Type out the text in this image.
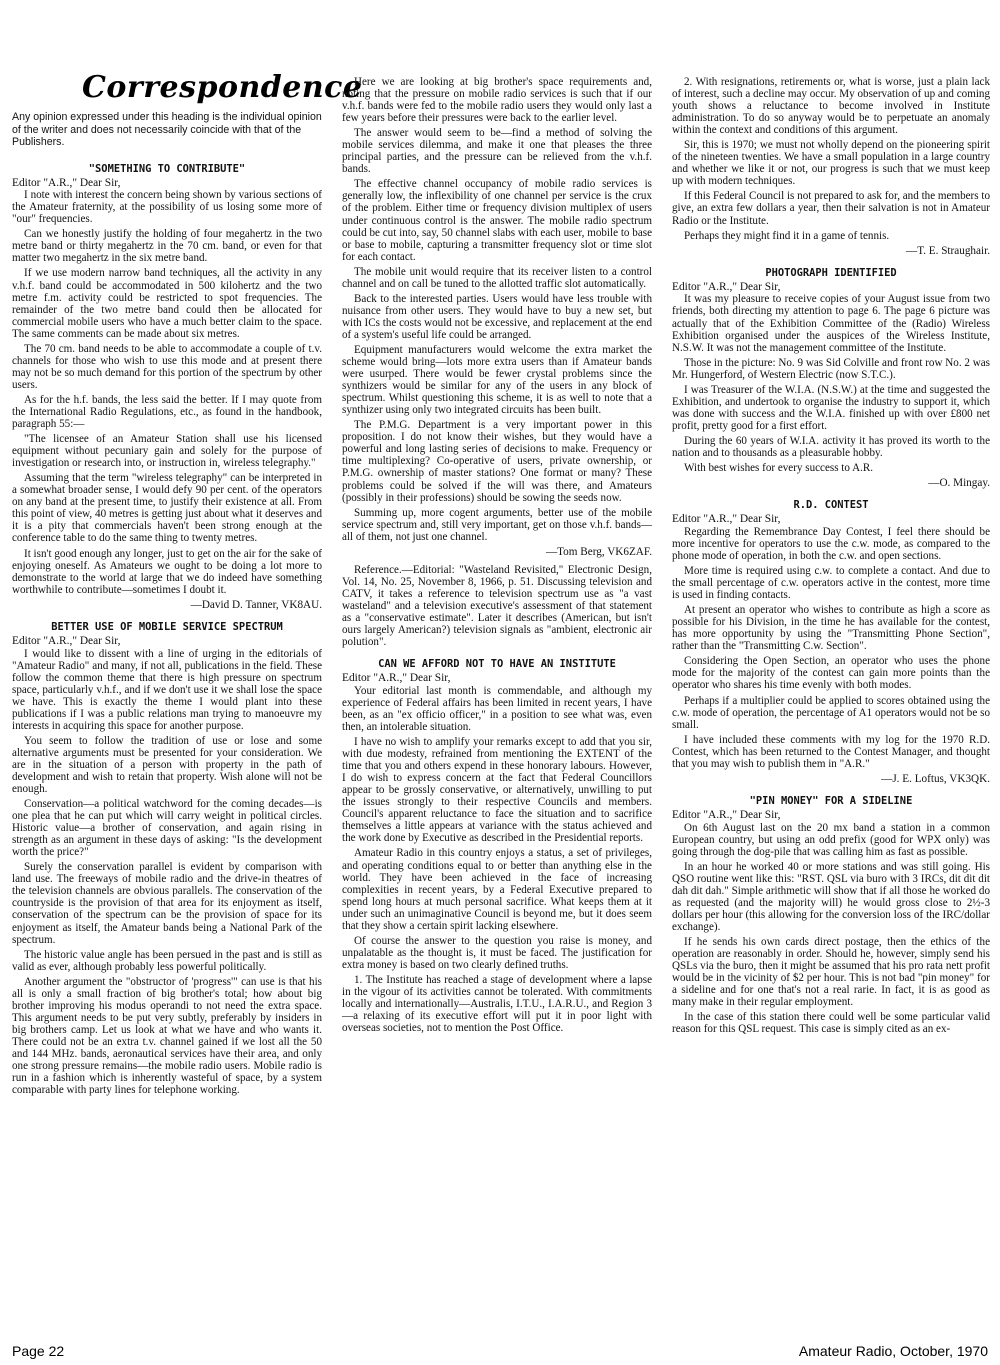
Correspondence

Any opinion expressed under this heading is the individual opinion of the writer and does not necessarily coincide with that of the Publishers.

"SOMETHING TO CONTRIBUTE"

Editor "A.R.," Dear Sir,

I note with interest the concern being shown by various sections of the Amateur fraternity, at the possibility of us losing some more of "our" frequencies.

Can we honestly justify the holding of four megahertz in the two metre band or thirty megahertz in the 70 cm. band, or even for that matter two megahertz in the six metre band.

If we use modern narrow band techniques, all the activity in any v.h.f. band could be accommodated in 500 kilohertz and the two metre f.m. activity could be restricted to spot frequencies. The remainder of the two metre band could then be allocated for commercial mobile users who have a much better claim to the space. The same comments can be made about six metres.

The 70 cm. band needs to be able to accommodate a couple of t.v. channels for those who wish to use this mode and at present there may not be so much demand for this portion of the spectrum by other users.

As for the h.f. bands, the less said the better. If I may quote from the International Radio Regulations, etc., as found in the handbook, paragraph 55:—

"The licensee of an Amateur Station shall use his licensed equipment without pecuniary gain and solely for the purpose of investigation or research into, or instruction in, wireless telegraphy."

Assuming that the term "wireless telegraphy" can be interpreted in a somewhat broader sense, I would defy 90 per cent. of the operators on any band at the present time, to justify their existence at all. From this point of view, 40 metres is getting just about what it deserves and it is a pity that commercials haven't been strong enough at the conference table to do the same thing to twenty metres.

It isn't good enough any longer, just to get on the air for the sake of enjoying oneself. As Amateurs we ought to be doing a lot more to demonstrate to the world at large that we do indeed have something worthwhile to contribute—sometimes I doubt it.

—David D. Tanner, VK8AU.

BETTER USE OF MOBILE SERVICE SPECTRUM

Editor "A.R.," Dear Sir,

I would like to dissent with a line of urging in the editorials of "Amateur Radio" and many, if not all, publications in the field. These follow the common theme that there is high pressure on spectrum space, particularly v.h.f., and if we don't use it we shall lose the space we have. This is exactly the theme I would plant into these publications if I was a public relations man trying to manoeuvre my interests in acquiring this space for another purpose.

You seem to follow the tradition of use or lose and some alternative arguments must be presented for your consideration. We are in the situation of a person with property in the path of development and wish to retain that property. Wish alone will not be enough.

Conservation—a political watchword for the coming decades—is one plea that he can put which will carry weight in political circles. Historic value—a brother of conservation, and again rising in strength as an argument in these days of asking: "Is the development worth the price?"

Surely the conservation parallel is evident by comparison with land use. The freeways of mobile radio and the drive-in theatres of the television channels are obvious parallels. The conservation of the countryside is the provision of that area for its enjoyment as itself, conservation of the spectrum can be the provision of space for its enjoyment as itself, the Amateur bands being a National Park of the spectrum.

The historic value angle has been persued in the past and is still as valid as ever, although probably less powerful politically.

Another argument the "obstructor of 'progress'" can use is that his all is only a small fraction of big brother's total; how about big brother improving his modus operandi to not need the extra space. This argument needs to be put very subtly, preferably by insiders in big brothers camp. Let us look at what we have and who wants it. There could not be an extra t.v. channel gained if we lost all the 50 and 144 MHz. bands, aeronautical services have their area, and only one strong pressure remains—the mobile radio users. Mobile radio is run in a fashion which is inherently wasteful of space, by a system comparable with party lines for telephone working.

Here we are looking at big brother's space requirements and, noting that the pressure on mobile radio services is such that if our v.h.f. bands were fed to the mobile radio users they would only last a few years before their pressures were back to the earlier level.

The answer would seem to be—find a method of solving the mobile services dilemma, and make it one that pleases the three principal parties, and the pressure can be relieved from the v.h.f. bands.

The effective channel occupancy of mobile radio services is generally low, the inflexibility of one channel per service is the crux of the problem. Either time or frequency division multiplex of users under continuous control is the answer. The mobile radio spectrum could be cut into, say, 50 channel slabs with each user, mobile to base or base to mobile, capturing a transmitter frequency slot or time slot for each contact.

The mobile unit would require that its receiver listen to a control channel and on call be tuned to the allotted traffic slot automatically.

Back to the interested parties. Users would have less trouble with nuisance from other users. They would have to buy a new set, but with ICs the costs would not be excessive, and replacement at the end of a system's useful life could be arranged.

Equipment manufacturers would welcome the extra market the scheme would bring—lots more extra users than if Amateur bands were usurped. There would be fewer crystal problems since the synthizers would be similar for any of the users in any block of spectrum. Whilst questioning this scheme, it is as well to note that a synthizer using only two integrated circuits has been built.

The P.M.G. Department is a very important power in this proposition. I do not know their wishes, but they would have a powerful and long lasting series of decisions to make. Frequency or time multiplexing? Co-operative of users, private ownership, or P.M.G. ownership of master stations? One format or many? These problems could be solved if the will was there, and Amateurs (possibly in their professions) should be sowing the seeds now.

Summing up, more cogent arguments, better use of the mobile service spectrum and, still very important, get on those v.h.f. bands—all of them, not just one channel.

—Tom Berg, VK6ZAF.

Reference.—Editorial: "Wasteland Revisited," Electronic Design, Vol. 14, No. 25, November 8, 1966, p. 51. Discussing television and CATV, it takes a reference to television spectrum use as "a vast wasteland" and a television executive's assessment of that statement as a "conservative estimate". Later it describes (American, but isn't ours largely American?) television signals as "ambient, electronic air polution".

CAN WE AFFORD NOT TO HAVE AN INSTITUTE

Editor "A.R.," Dear Sir,

Your editorial last month is commendable, and although my experience of Federal affairs has been limited in recent years, I have been, as an "ex officio officer," in a position to see what was, even then, an intolerable situation.

I have no wish to amplify your remarks except to add that you sir, with due modesty, refrained from mentioning the EXTENT of the time that you and others expend in these honorary labours. However, I do wish to express concern at the fact that Federal Councillors appear to be grossly conservative, or alternatively, unwilling to put the issues strongly to their respective Councils and members. Council's apparent reluctance to face the situation and to sacrifice themselves a little appears at variance with the status achieved and the work done by Executive as described in the Presidential reports.

Amateur Radio in this country enjoys a status, a set of privileges, and operating conditions equal to or better than anything else in the world. They have been achieved in the face of increasing complexities in recent years, by a Federal Executive prepared to spend long hours at much personal sacrifice. What keeps them at it under such an unimaginative Council is beyond me, but it does seem that they show a certain spirit lacking elsewhere.

Of course the answer to the question you raise is money, and unpalatable as the thought is, it must be faced. The justification for extra money is based on two clearly defined truths.

1. The Institute has reached a stage of development where a lapse in the vigour of its activities cannot be tolerated. With commitments locally and internationally—Australis, I.T.U., I.A.R.U., and Region 3—a relaxing of its executive effort will put it in poor light with overseas societies, not to mention the Post Office.

2. With resignations, retirements or, what is worse, just a plain lack of interest, such a decline may occur. My observation of up and coming youth shows a reluctance to become involved in Institute administration. To do so anyway would be to perpetuate an anomaly within the context and conditions of this argument.

Sir, this is 1970; we must not wholly depend on the pioneering spirit of the nineteen twenties. We have a small population in a large country and whether we like it or not, our progress is such that we must keep up with modern techniques.

If this Federal Council is not prepared to ask for, and the members to give, an extra few dollars a year, then their salvation is not in Amateur Radio or the Institute.

Perhaps they might find it in a game of tennis.

—T. E. Straughair.

PHOTOGRAPH IDENTIFIED

Editor "A.R.," Dear Sir,

It was my pleasure to receive copies of your August issue from two friends, both directing my attention to page 6. The page 6 picture was actually that of the Exhibition Committee of the (Radio) Wireless Exhibition organised under the auspices of the Wireless Institute, N.S.W. It was not the management committee of the Institute.

Those in the picture: No. 9 was Sid Colville and front row No. 2 was Mr. Hungerford, of Western Electric (now S.T.C.).

I was Treasurer of the W.I.A. (N.S.W.) at the time and suggested the Exhibition, and undertook to organise the industry to support it, which was done with success and the W.I.A. finished up with over £800 net profit, pretty good for a first effort.

During the 60 years of W.I.A. activity it has proved its worth to the nation and to thousands as a pleasurable hobby.

With best wishes for every success to A.R.

—O. Mingay.

R.D. CONTEST

Editor "A.R.," Dear Sir,

Regarding the Remembrance Day Contest, I feel there should be more incentive for operators to use the c.w. mode, as compared to the phone mode of operation, in both the c.w. and open sections.

More time is required using c.w. to complete a contact. And due to the small percentage of c.w. operators active in the contest, more time is used in finding contacts.

At present an operator who wishes to contribute as high a score as possible for his Division, in the time he has available for the contest, has more opportunity by using the "Transmitting Phone Section", rather than the "Transmitting C.w. Section".

Considering the Open Section, an operator who uses the phone mode for the majority of the contest can gain more points than the operator who shares his time evenly with both modes.

Perhaps if a multiplier could be applied to scores obtained using the c.w. mode of operation, the percentage of A1 operators would not be so small.

I have included these comments with my log for the 1970 R.D. Contest, which has been returned to the Contest Manager, and thought that you may wish to publish them in "A.R."

—J. E. Loftus, VK3QK.

"PIN MONEY" FOR A SIDELINE

Editor "A.R.," Dear Sir,

On 6th August last on the 20 mx band a station in a common European country, but using an odd prefix (good for WPX only) was going through the dog-pile that was calling him as fast as possible.

In an hour he worked 40 or more stations and was still going. His QSO routine went like this: "RST. QSL via buro with 3 IRCs, dit dit dit dah dit dah." Simple arithmetic will show that if all those he worked do as requested (and the majority will) he would gross close to 2½-3 dollars per hour (this allowing for the conversion loss of the IRC/dollar exchange).

If he sends his own cards direct postage, then the ethics of the operation are reasonably in order. Should he, however, simply send his QSLs via the buro, then it might be assumed that his pro rata nett profit would be in the vicinity of $2 per hour. This is not bad "pin money" for a sideline and for one that's not a real rarie. In fact, it is as good as many make in their regular employment.

In the case of this station there could well be some particular valid reason for this QSL request. This case is simply cited as an ex-

Page 22	Amateur Radio, October, 1970
